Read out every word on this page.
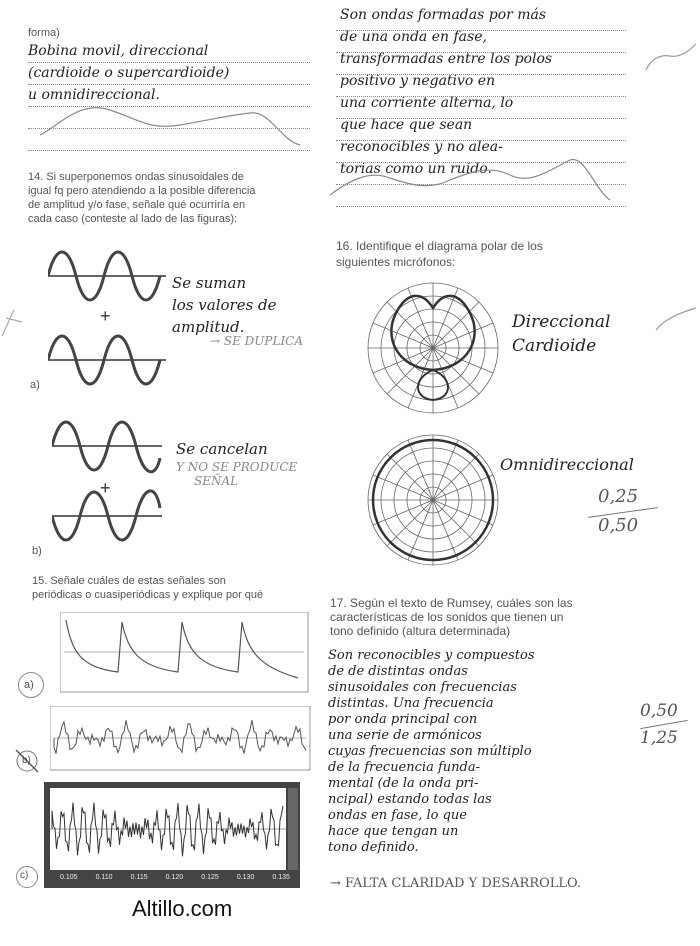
forma)
Bobina movil, direccional
(cardioide o supercardioide)
u omnidireccional.
14. Si superponemos ondas sinusoidales de
igual fq pero atendiendo a la posible diferencia
de amplitud y/o fase, señale qué ocurriría en
cada caso (conteste al lado de las figuras):
+
a)
Se suman
los valores de
amplitud.
→ SE DUPLICA
+
b)
Se cancelan
Y NO SE PRODUCE
SEÑAL
15. Señale cuáles de estas señales son
periódicas o cuasiperiódicas y explique por qué
a)
b)
0.105	0.110	0.115	0.120	0.125	0.130	0.135
c)
Altillo.com
Son ondas formadas por más
de una onda en fase,
transformadas entre los polos
positivo y negativo en
una corriente alterna, lo
que hace que sean
reconocibles y no alea-
torias como un ruido.
16. Identifique el diagrama polar de los
siguientes micrófonos:
Direccional
Cardioide
Omnidireccional
0,25
0,50
17. Según el texto de Rumsey, cuáles son las
características de los sonidos que tienen un
tono definido (altura determinada)
Son reconocibles y compuestos
de de distintas ondas
sinusoidales con frecuencias
distintas. Una frecuencia
por onda principal con
una serie de armónicos
cuyas frecuencias son múltiplo
de la frecuencia funda-
mental (de la onda pri-
ncipal) estando todas las
ondas en fase, lo que
hace que tengan un
tono definido.
→ FALTA CLARIDAD Y DESARROLLO.
0,50
1,25
